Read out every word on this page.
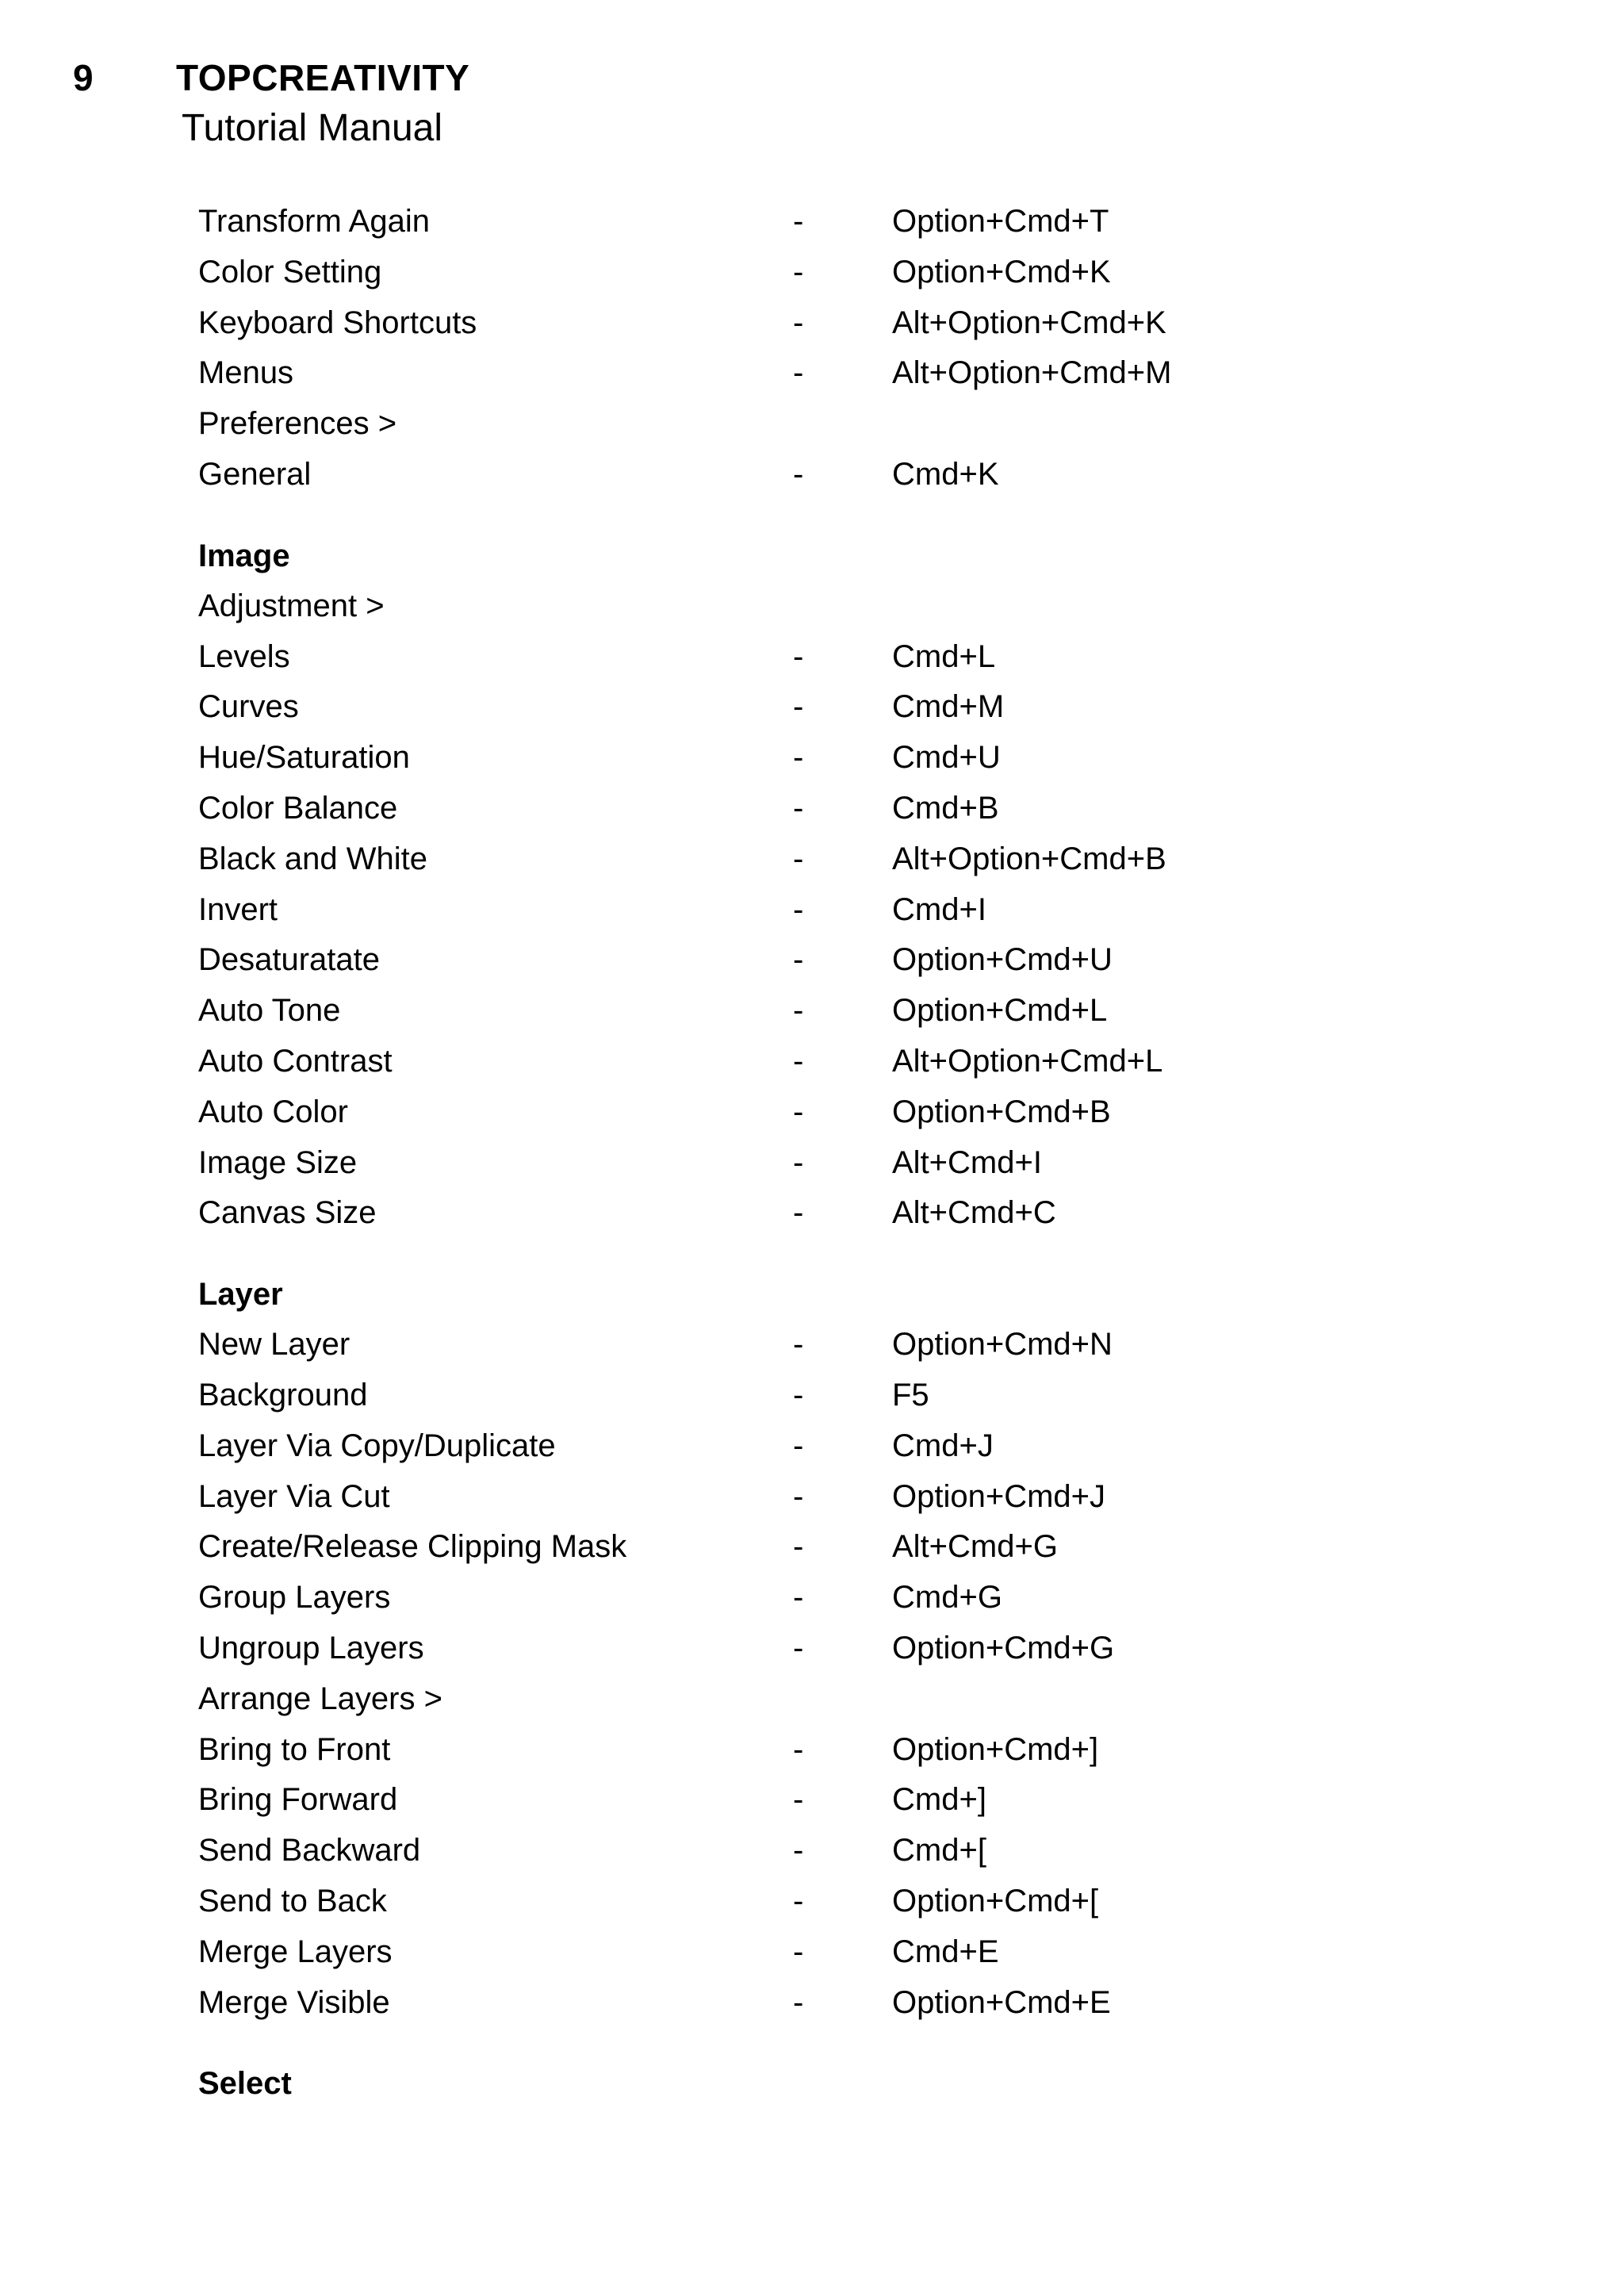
9 TOPCREATIVITY
Tutorial Manual
Transform Again	-	Option+Cmd+T
Color Setting	-	Option+Cmd+K
Keyboard Shortcuts	-	Alt+Option+Cmd+K
Menus	-	Alt+Option+Cmd+M
Preferences >
General	-	Cmd+K
Image
Adjustment >
Levels	-	Cmd+L
Curves	-	Cmd+M
Hue/Saturation	-	Cmd+U
Color Balance	-	Cmd+B
Black and White	-	Alt+Option+Cmd+B
Invert	-	Cmd+I
Desaturatate	-	Option+Cmd+U
Auto Tone	-	Option+Cmd+L
Auto Contrast	-	Alt+Option+Cmd+L
Auto Color	-	Option+Cmd+B
Image Size	-	Alt+Cmd+I
Canvas Size	-	Alt+Cmd+C
Layer
New Layer	-	Option+Cmd+N
Background	-	F5
Layer Via Copy/Duplicate	-	Cmd+J
Layer Via Cut	-	Option+Cmd+J
Create/Release Clipping Mask	-	Alt+Cmd+G
Group Layers	-	Cmd+G
Ungroup Layers	-	Option+Cmd+G
Arrange Layers >
Bring to Front	-	Option+Cmd+]
Bring Forward	-	Cmd+]
Send Backward	-	Cmd+[
Send to Back	-	Option+Cmd+[
Merge Layers	-	Cmd+E
Merge Visible	-	Option+Cmd+E
Select
